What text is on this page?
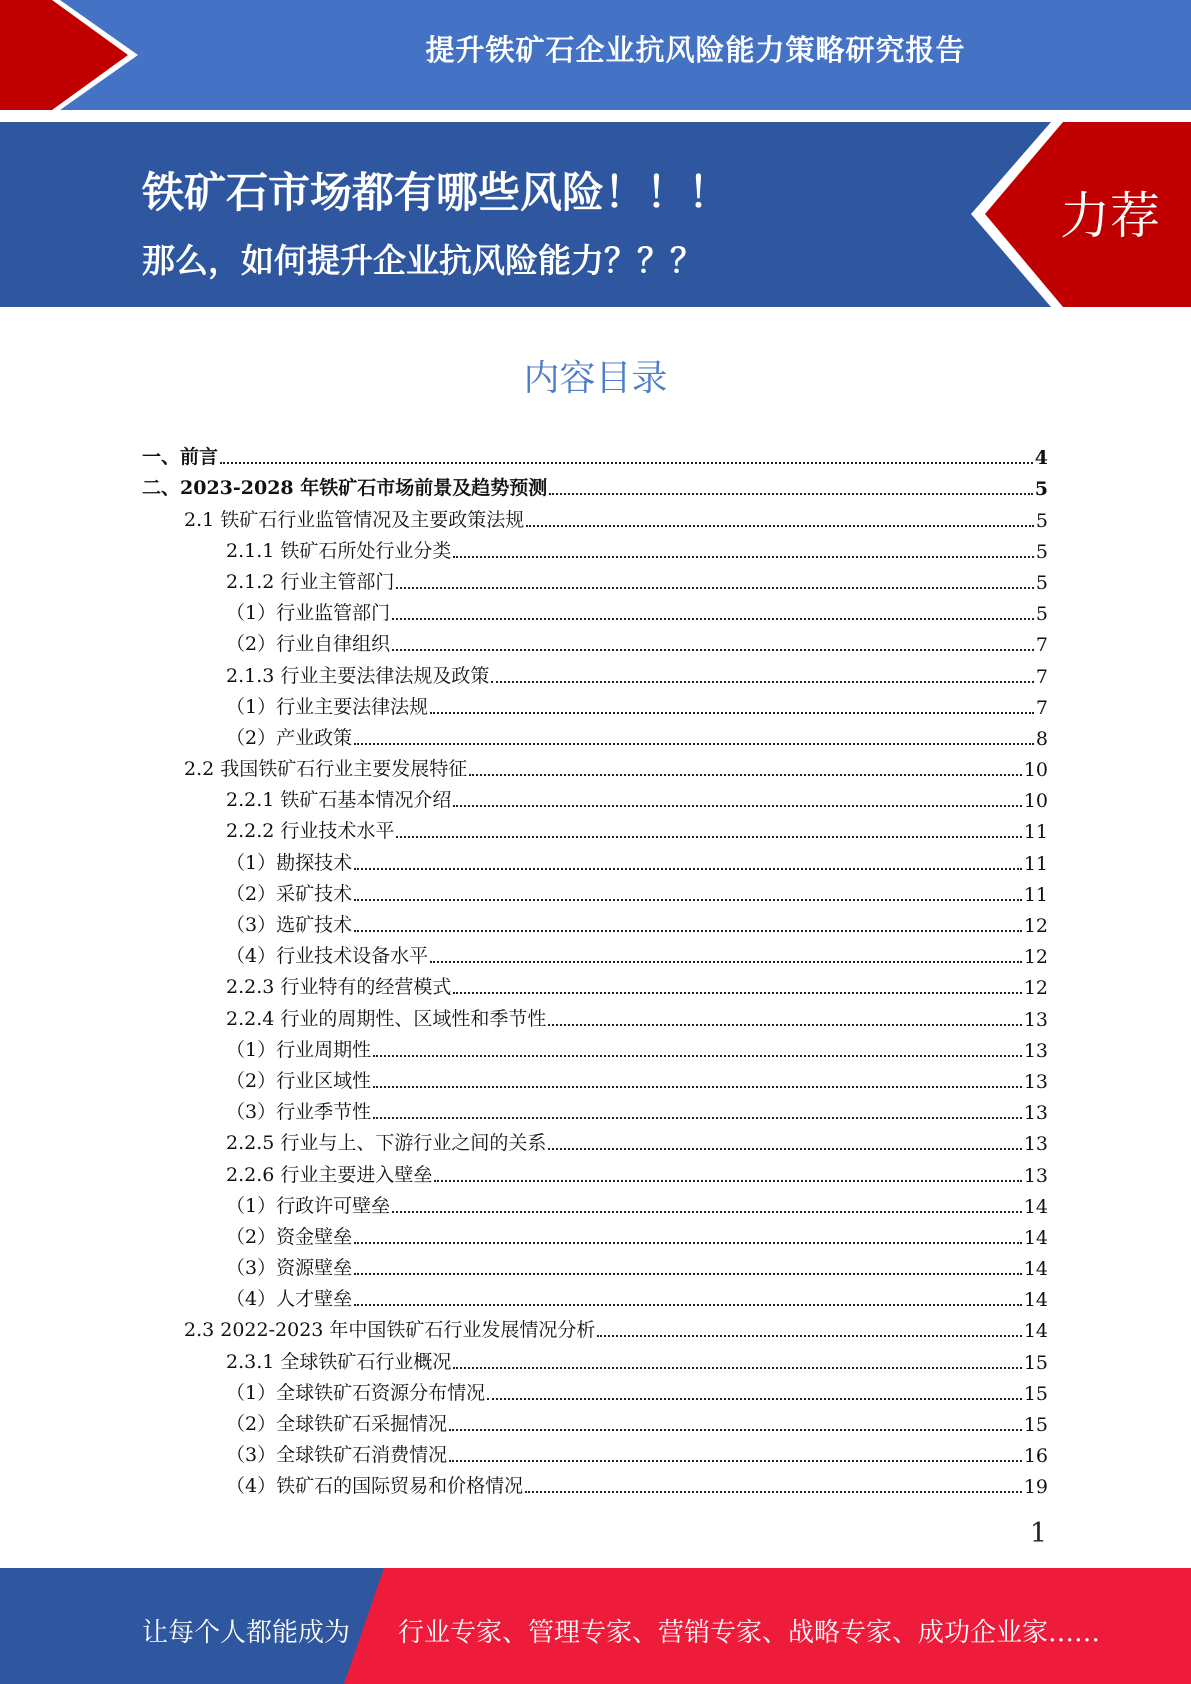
提升铁矿石企业抗风险能力策略研究报告
铁矿石市场都有哪些风险！！！
那么，如何提升企业抗风险能力？？？
力荐
内容目录
一、前言	4
二、2023-2028 年铁矿石市场前景及趋势预测	5
2.1 铁矿石行业监管情况及主要政策法规	5
2.1.1 铁矿石所处行业分类	5
2.1.2 行业主管部门	5
（1）行业监管部门	5
（2）行业自律组织	7
2.1.3 行业主要法律法规及政策	7
（1）行业主要法律法规	7
（2）产业政策	8
2.2 我国铁矿石行业主要发展特征	10
2.2.1 铁矿石基本情况介绍	10
2.2.2 行业技术水平	11
（1）勘探技术	11
（2）采矿技术	11
（3）选矿技术	12
（4）行业技术设备水平	12
2.2.3 行业特有的经营模式	12
2.2.4 行业的周期性、区域性和季节性	13
（1）行业周期性	13
（2）行业区域性	13
（3）行业季节性	13
2.2.5 行业与上、下游行业之间的关系	13
2.2.6 行业主要进入壁垒	13
（1）行政许可壁垒	14
（2）资金壁垒	14
（3）资源壁垒	14
（4）人才壁垒	14
2.3 2022-2023 年中国铁矿石行业发展情况分析	14
2.3.1 全球铁矿石行业概况	15
（1）全球铁矿石资源分布情况	15
（2）全球铁矿石采掘情况	15
（3）全球铁矿石消费情况	16
（4）铁矿石的国际贸易和价格情况	19
1
让每个人都能成为 行业专家、管理专家、营销专家、战略专家、成功企业家……
